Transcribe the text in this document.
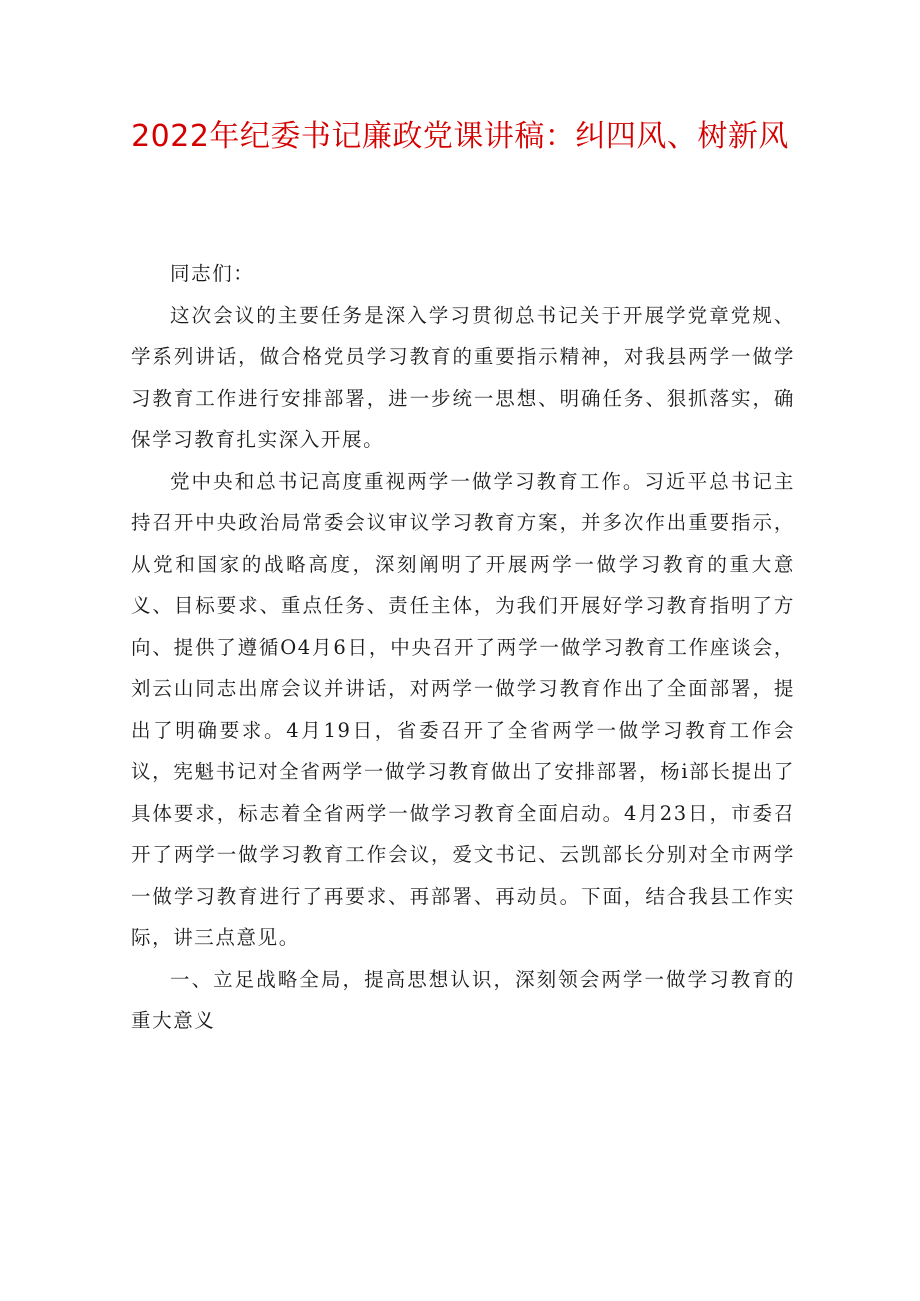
2022年纪委书记廉政党课讲稿：纠四风、树新风

同志们：

这次会议的主要任务是深入学习贯彻总书记关于开展学党章党规、学系列讲话，做合格党员学习教育的重要指示精神，对我县两学一做学习教育工作进行安排部署，进一步统一思想、明确任务、狠抓落实，确保学习教育扎实深入开展。

党中央和总书记高度重视两学一做学习教育工作。习近平总书记主持召开中央政治局常委会议审议学习教育方案，并多次作出重要指示，从党和国家的战略高度，深刻阐明了开展两学一做学习教育的重大意义、目标要求、重点任务、责任主体，为我们开展好学习教育指明了方向、提供了遵循O4月6日，中央召开了两学一做学习教育工作座谈会，刘云山同志出席会议并讲话，对两学一做学习教育作出了全面部署，提出了明确要求。4月19日，省委召开了全省两学一做学习教育工作会议，宪魁书记对全省两学一做学习教育做出了安排部署，杨i部长提出了具体要求，标志着全省两学一做学习教育全面启动。4月23日，市委召开了两学一做学习教育工作会议，爱文书记、云凯部长分别对全市两学一做学习教育进行了再要求、再部署、再动员。下面，结合我县工作实际，讲三点意见。

一、立足战略全局，提高思想认识，深刻领会两学一做学习教育的重大意义
